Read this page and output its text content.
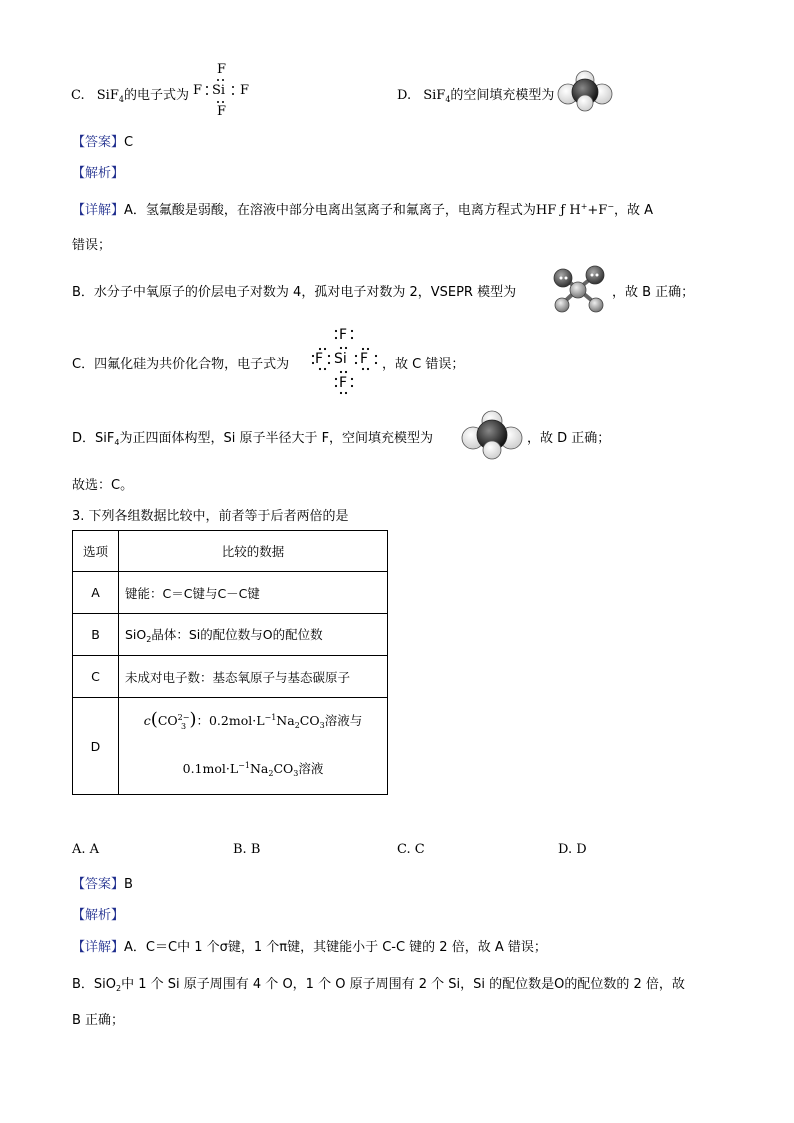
C. SiF$_4$的电子式为
F
F Si F
F
D. SiF$_4$的空间填充模型为
【答案】C
【解析】
【详解】A．氢氟酸是弱酸，在溶液中部分电离出氢离子和氟离子，电离方程式为HF ƒ H++F−，故 A
错误；
B．水分子中氧原子的价层电子对数为 4，孤对电子对数为 2，VSEPR 模型为	，故 B 正确；
C．四氟化硅为共价化合物，电子式为
F
F Si F
F
，故 C 错误；
D．SiF$_4$为正四面体构型，Si 原子半径大于 F，空间填充模型为	，故 D 正确；
故选：C。
3. 下列各组数据比较中，前者等于后者两倍的是
选项	比较的数据
A	键能：C＝C键与C－C键
B	SiO$_2$晶体：Si的配位数与O的配位数
C	未成对电子数：基态氧原子与基态碳原子
D	c(CO 2−
3 )：$0.2mol\cdot L^{-1}Na_2CO_3$溶液与
$0.1mol\cdot L^{-1}Na_2CO_3$溶液
A. A	B. B	C. C	D. D
【答案】B
【解析】
【详解】A．C＝C中 1 个σ键，1 个π键，其键能小于 C-C 键的 2 倍，故 A 错误；
B．SiO$_2$中 1 个 Si 原子周围有 4 个 O，1 个 O 原子周围有 2 个 Si，Si 的配位数是O的配位数的 2 倍，故
B 正确；
